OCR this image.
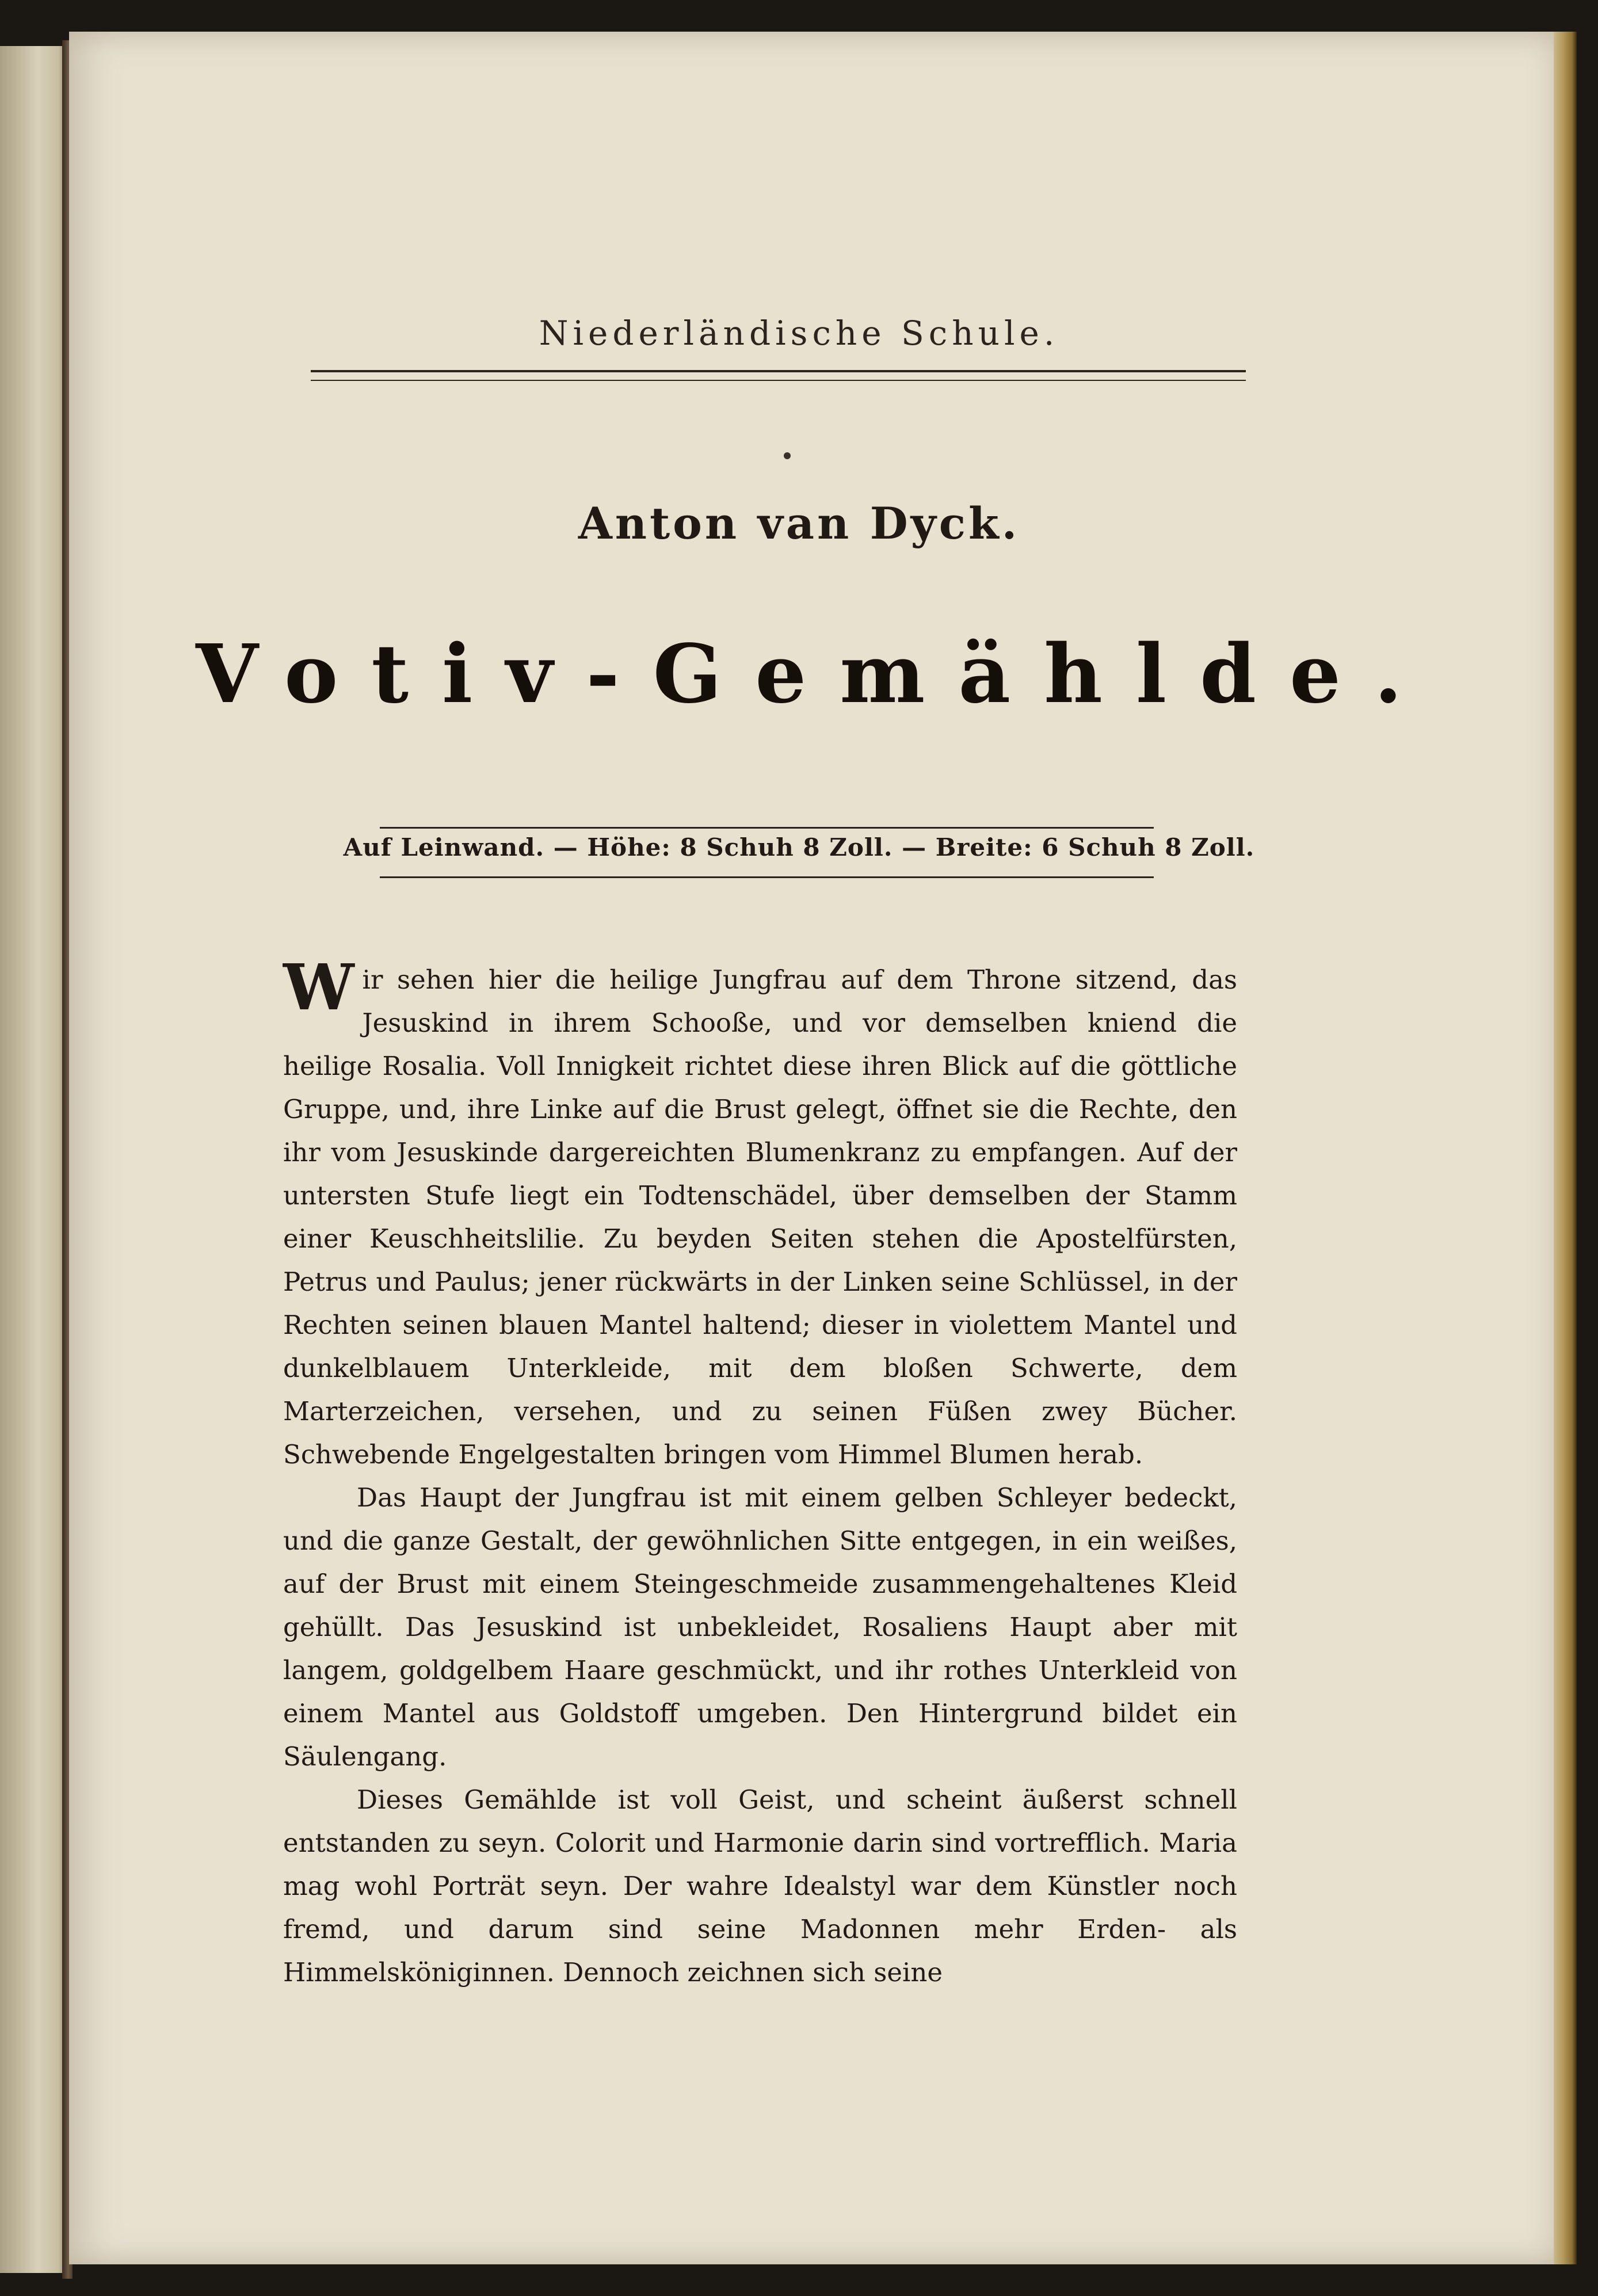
Niederländische Schule.
Anton van Dyck.
Votiv-Gemählde.
Auf Leinwand. — Höhe: 8 Schuh 8 Zoll. — Breite: 6 Schuh 8 Zoll.

Wir sehen hier die heilige Jungfrau auf dem Throne sitzend, das Jesuskind in ihrem Schooße, und vor demselben kniend die heilige Rosalia. Voll Innigkeit richtet diese ihren Blick auf die göttliche Gruppe, und, ihre Linke auf die Brust gelegt, öffnet sie die Rechte, den ihr vom Jesuskinde dargereichten Blumenkranz zu empfangen. Auf der untersten Stufe liegt ein Todtenschädel, über demselben der Stamm einer Keuschheitslilie. Zu beyden Seiten stehen die Apostelfürsten, Petrus und Paulus; jener rückwärts in der Linken seine Schlüssel, in der Rechten seinen blauen Mantel haltend; dieser in violettem Mantel und dunkelblauem Unterkleide, mit dem bloßen Schwerte, dem Marterzeichen, versehen, und zu seinen Füßen zwey Bücher. Schwebende Engelgestalten bringen vom Himmel Blumen herab.

Das Haupt der Jungfrau ist mit einem gelben Schleyer bedeckt, und die ganze Gestalt, der gewöhnlichen Sitte entgegen, in ein weißes, auf der Brust mit einem Steingeschmeide zusammengehaltenes Kleid gehüllt. Das Jesuskind ist unbekleidet, Rosaliens Haupt aber mit langem, goldgelbem Haare geschmückt, und ihr rothes Unterkleid von einem Mantel aus Goldstoff umgeben. Den Hintergrund bildet ein Säulengang.

Dieses Gemählde ist voll Geist, und scheint äußerst schnell entstanden zu seyn. Colorit und Harmonie darin sind vortrefflich. Maria mag wohl Porträt seyn. Der wahre Idealstyl war dem Künstler noch fremd, und darum sind seine Madonnen mehr Erden- als Himmelsköniginnen. Dennoch zeichnen sich seine
